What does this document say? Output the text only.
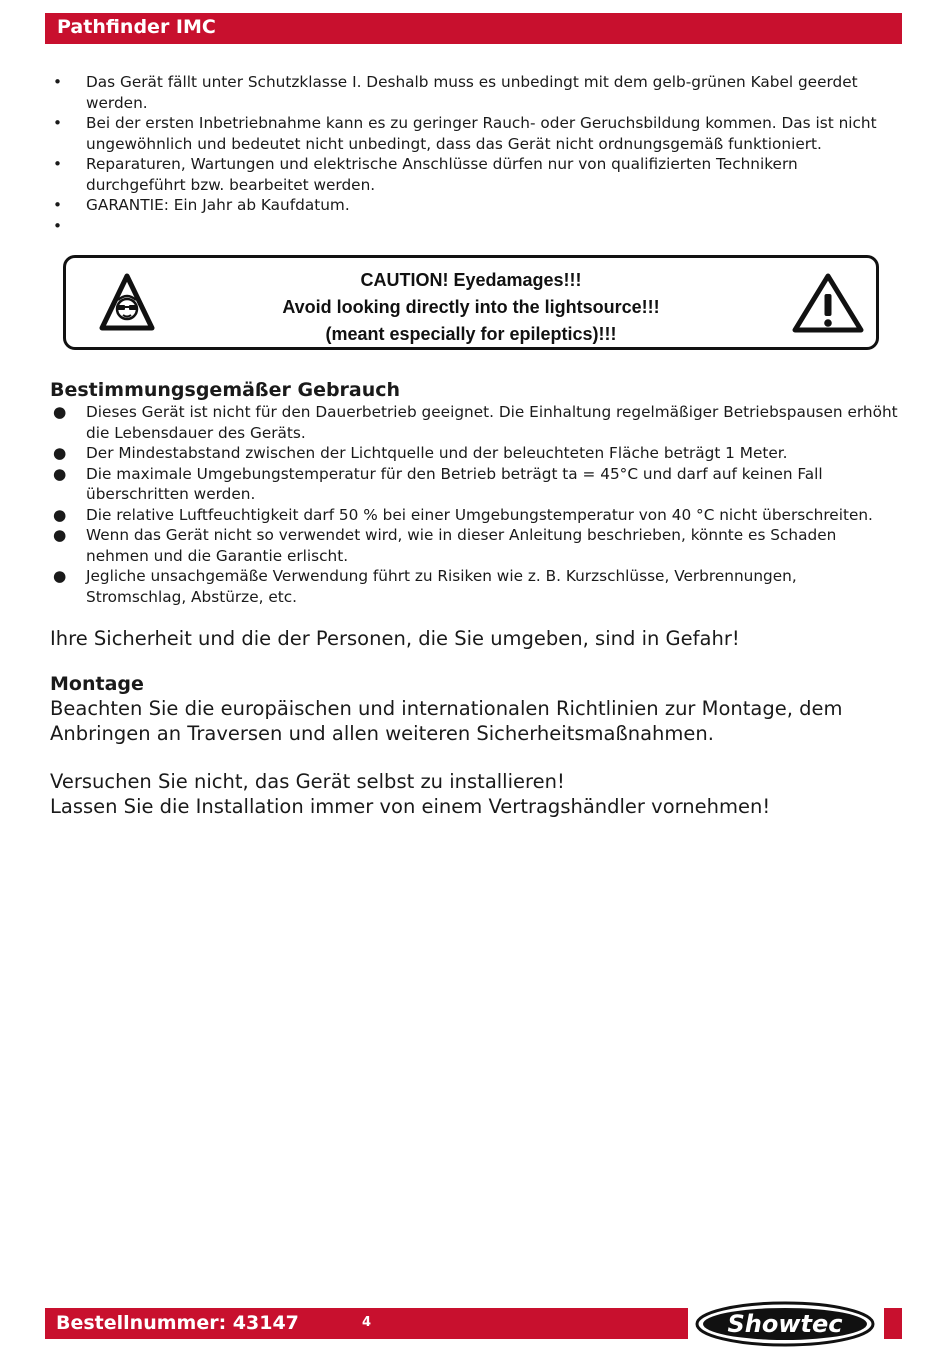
Pathfinder IMC
•	Das Gerät fällt unter Schutzklasse I. Deshalb muss es unbedingt mit dem gelb-grünen Kabel geerdet werden.
•	Bei der ersten Inbetriebnahme kann es zu geringer Rauch- oder Geruchsbildung kommen. Das ist nicht ungewöhnlich und bedeutet nicht unbedingt, dass das Gerät nicht ordnungsgemäß funktioniert.
•	Reparaturen, Wartungen und elektrische Anschlüsse dürfen nur von qualifizierten Technikern durchgeführt bzw. bearbeitet werden.
•	GARANTIE: Ein Jahr ab Kaufdatum.
•
CAUTION! Eyedamages!!!
Avoid looking directly into the lightsource!!!
(meant especially for epileptics)!!!
Bestimmungsgemäßer Gebrauch
● Dieses Gerät ist nicht für den Dauerbetrieb geeignet. Die Einhaltung regelmäßiger Betriebspausen erhöht die Lebensdauer des Geräts.
● Der Mindestabstand zwischen der Lichtquelle und der beleuchteten Fläche beträgt 1 Meter.
● Die maximale Umgebungstemperatur für den Betrieb beträgt ta = 45°C und darf auf keinen Fall überschritten werden.
● Die relative Luftfeuchtigkeit darf 50 % bei einer Umgebungstemperatur von 40 °C nicht überschreiten.
● Wenn das Gerät nicht so verwendet wird, wie in dieser Anleitung beschrieben, könnte es Schaden nehmen und die Garantie erlischt.
● Jegliche unsachgemäße Verwendung führt zu Risiken wie z. B. Kurzschlüsse, Verbrennungen, Stromschlag, Abstürze, etc.
Ihre Sicherheit und die der Personen, die Sie umgeben, sind in Gefahr!
Montage
Beachten Sie die europäischen und internationalen Richtlinien zur Montage, dem Anbringen an Traversen und allen weiteren Sicherheitsmaßnahmen.
Versuchen Sie nicht, das Gerät selbst zu installieren!
Lassen Sie die Installation immer von einem Vertragshändler vornehmen!
Bestellnummer: 43147	4	Showtec
